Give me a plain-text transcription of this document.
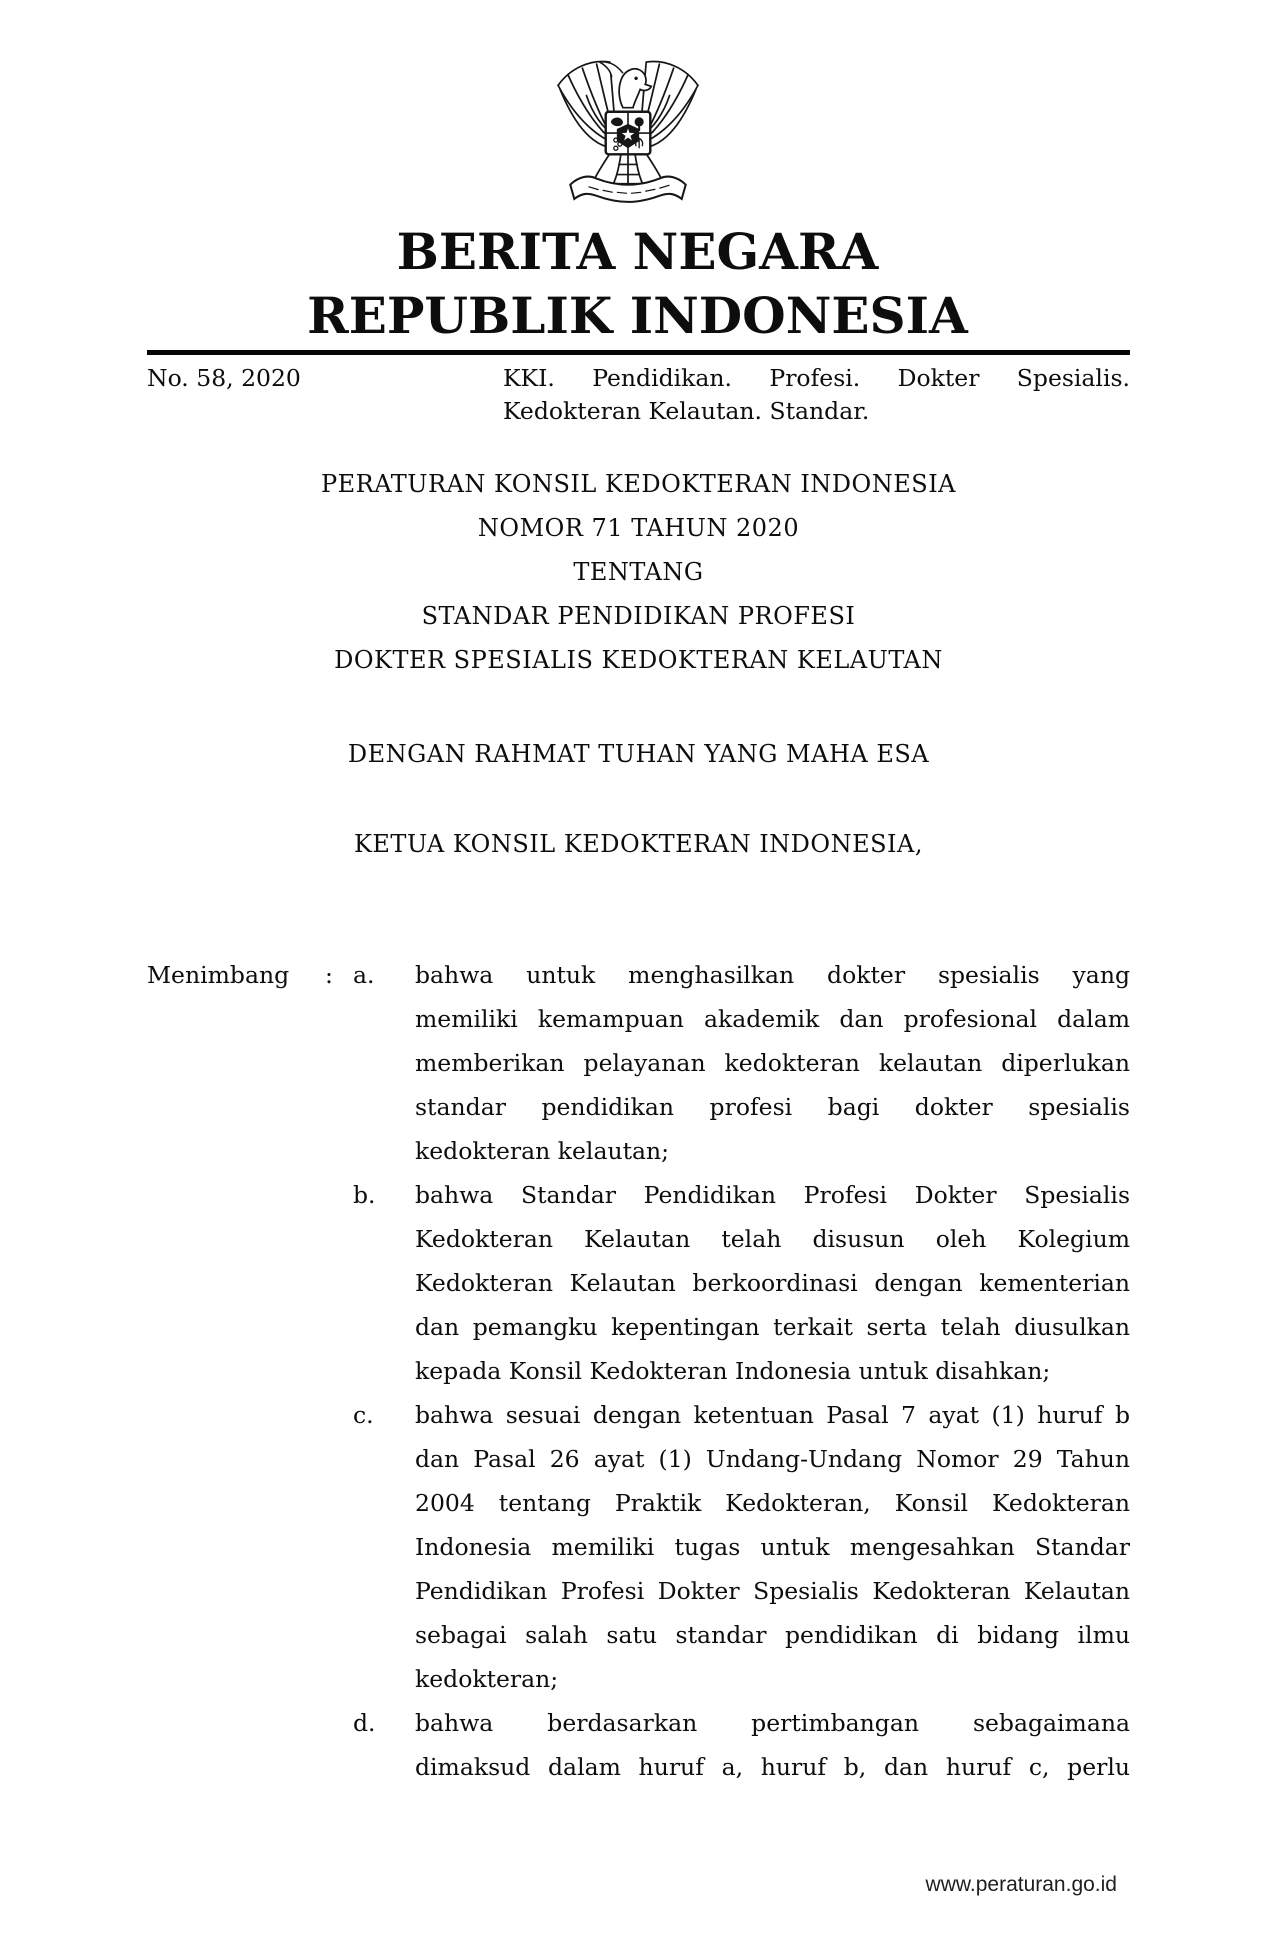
BERITA NEGARA
REPUBLIK INDONESIA
No. 58, 2020	KKI. Pendidikan. Profesi. Dokter Spesialis.
Kedokteran Kelautan. Standar.
PERATURAN KONSIL KEDOKTERAN INDONESIA
NOMOR 71 TAHUN 2020
TENTANG
STANDAR PENDIDIKAN PROFESI
DOKTER SPESIALIS KEDOKTERAN KELAUTAN
DENGAN RAHMAT TUHAN YANG MAHA ESA
KETUA KONSIL KEDOKTERAN INDONESIA,
Menimbang	: a.	bahwa untuk menghasilkan dokter spesialis yang
memiliki kemampuan akademik dan profesional dalam
memberikan pelayanan kedokteran kelautan diperlukan
standar pendidikan profesi bagi dokter spesialis
kedokteran kelautan;
b.	bahwa Standar Pendidikan Profesi Dokter Spesialis
Kedokteran Kelautan telah disusun oleh Kolegium
Kedokteran Kelautan berkoordinasi dengan kementerian
dan pemangku kepentingan terkait serta telah diusulkan
kepada Konsil Kedokteran Indonesia untuk disahkan;
c.	bahwa sesuai dengan ketentuan Pasal 7 ayat (1) huruf b
dan Pasal 26 ayat (1) Undang-Undang Nomor 29 Tahun
2004 tentang Praktik Kedokteran, Konsil Kedokteran
Indonesia memiliki tugas untuk mengesahkan Standar
Pendidikan Profesi Dokter Spesialis Kedokteran Kelautan
sebagai salah satu standar pendidikan di bidang ilmu
kedokteran;
d.	bahwa berdasarkan pertimbangan sebagaimana
dimaksud dalam huruf a, huruf b, dan huruf c, perlu
www.peraturan.go.id
